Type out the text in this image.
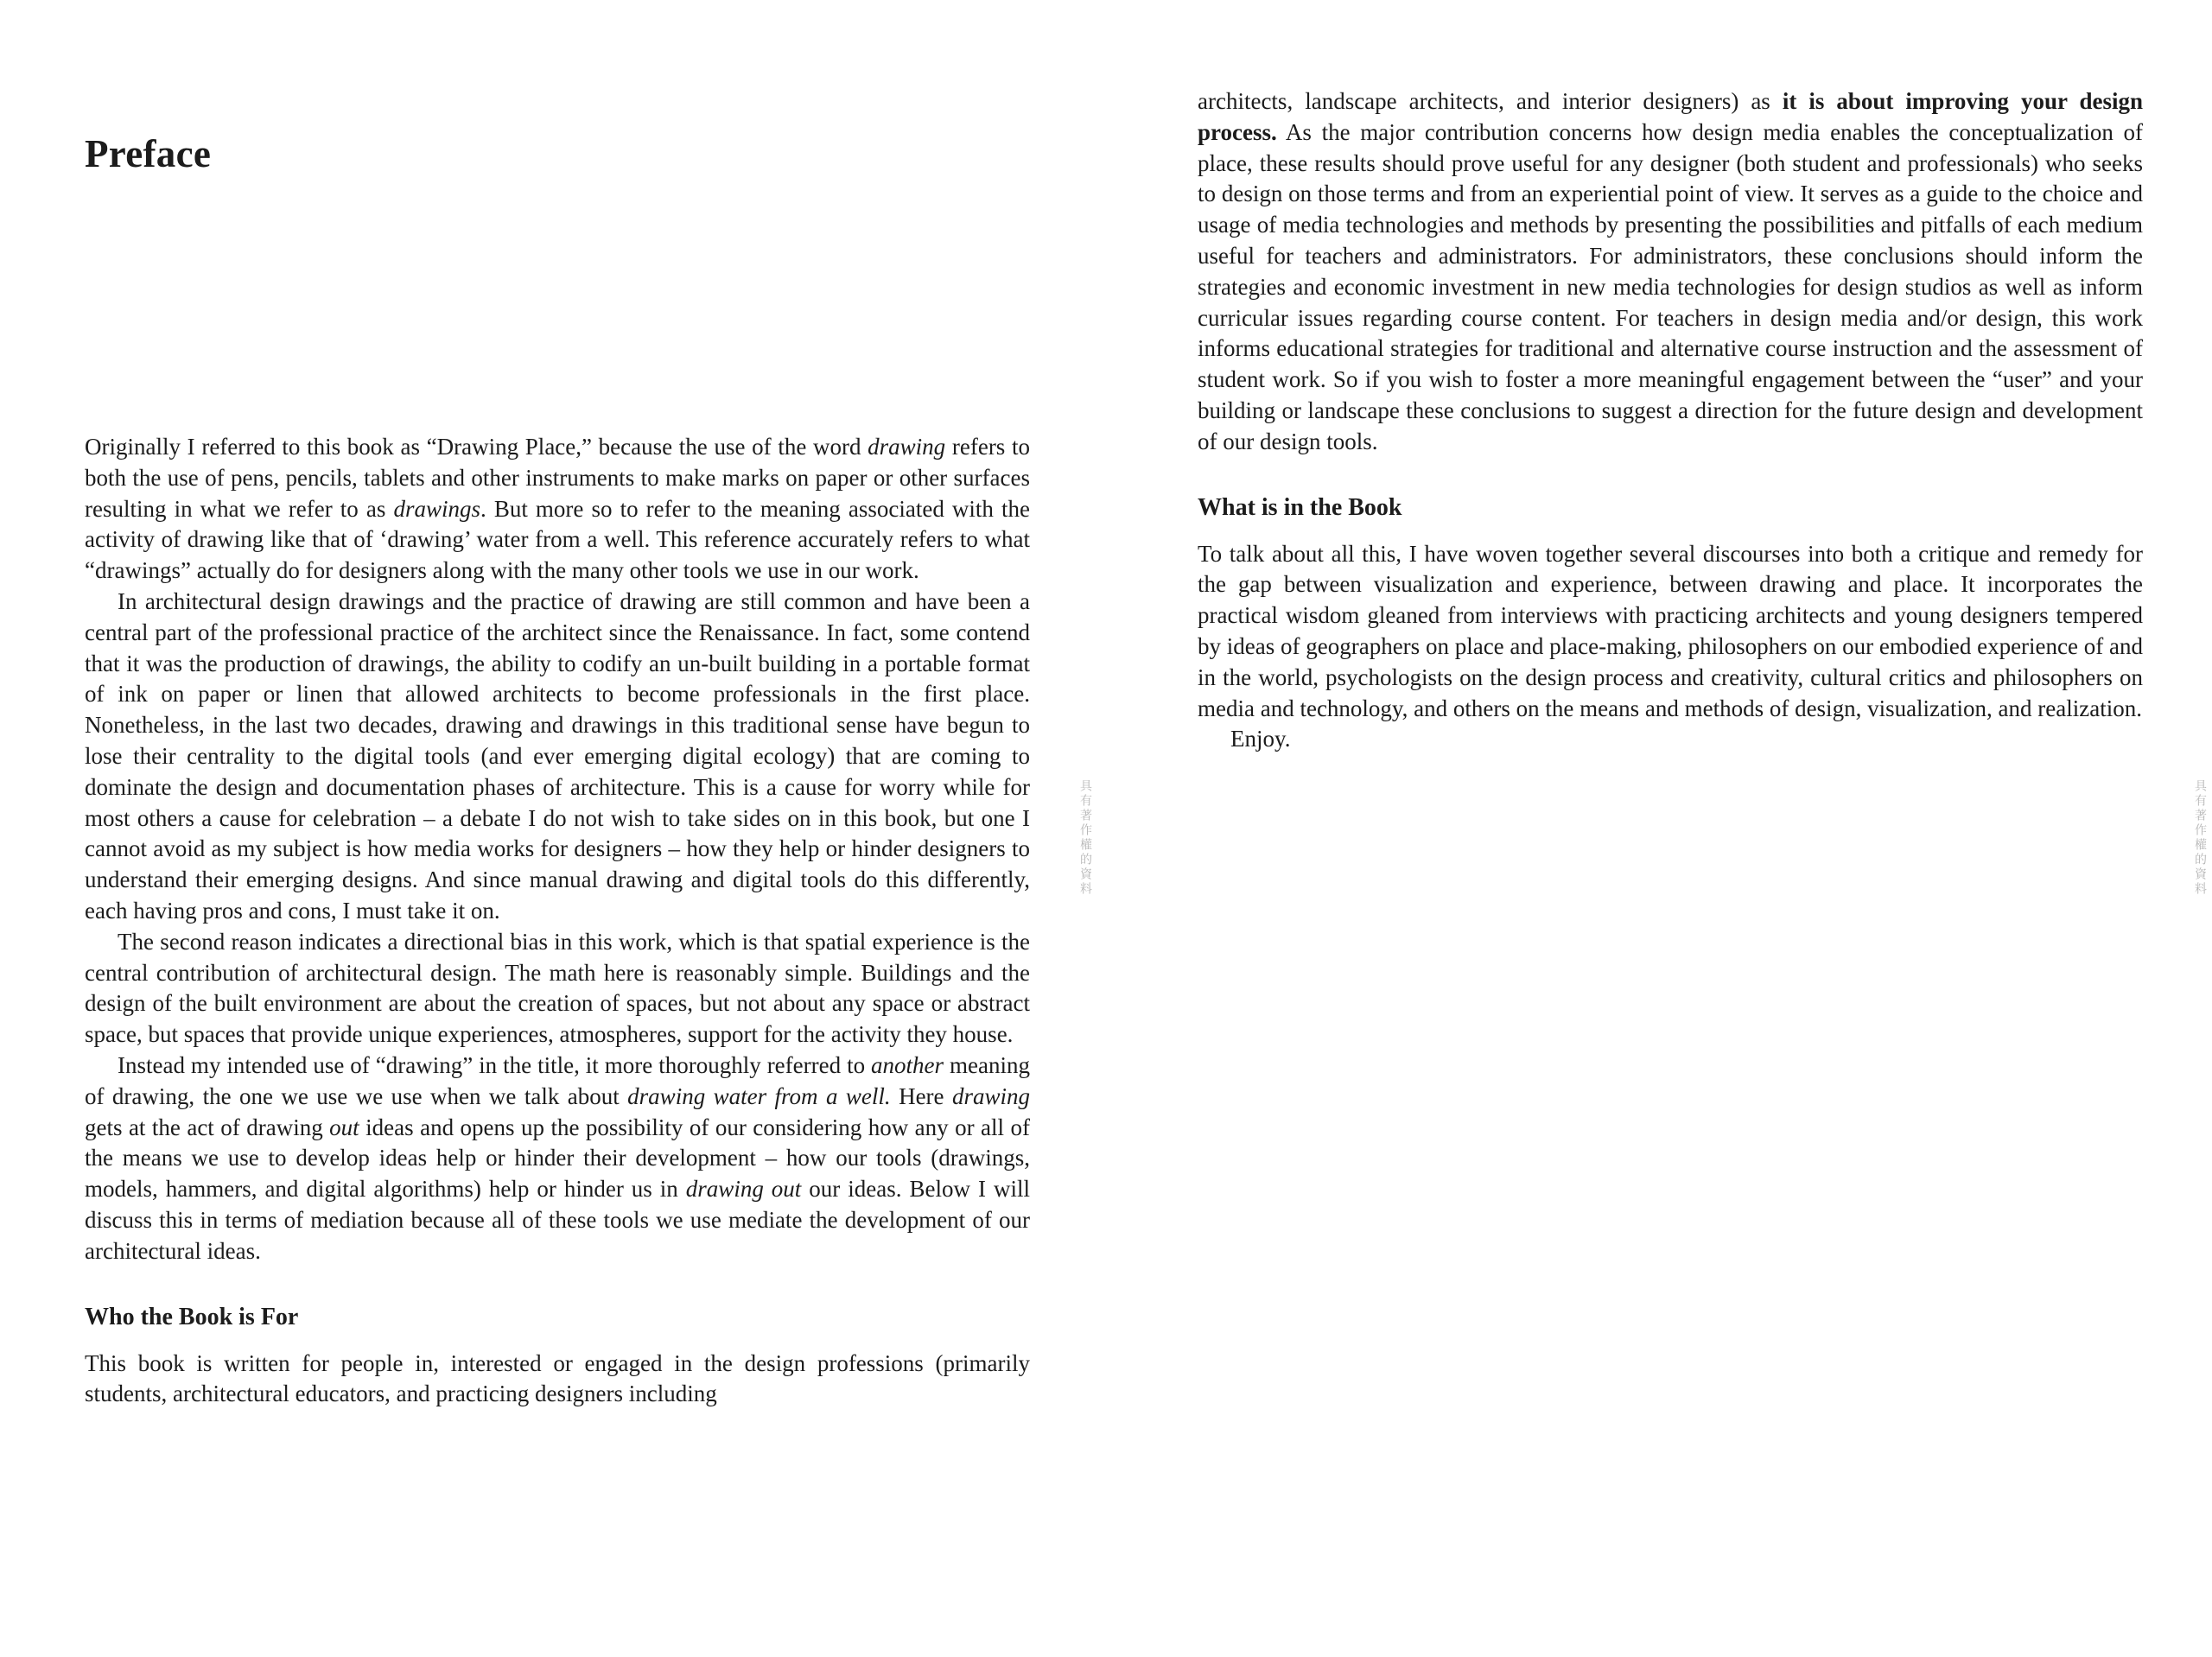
Preface

Originally I referred to this book as “Drawing Place,” because the use of the word drawing refers to both the use of pens, pencils, tablets and other instruments to make marks on paper or other surfaces resulting in what we refer to as drawings. But more so to refer to the meaning associated with the activity of drawing like that of ‘drawing’ water from a well. This reference accurately refers to what “drawings” actually do for designers along with the many other tools we use in our work.

In architectural design drawings and the practice of drawing are still common and have been a central part of the professional practice of the architect since the Renaissance. In fact, some contend that it was the production of drawings, the ability to codify an un-built building in a portable format of ink on paper or linen that allowed architects to become professionals in the first place. Nonetheless, in the last two decades, drawing and drawings in this traditional sense have begun to lose their centrality to the digital tools (and ever emerging digital ecology) that are coming to dominate the design and documentation phases of architecture. This is a cause for worry while for most others a cause for celebration – a debate I do not wish to take sides on in this book, but one I cannot avoid as my subject is how media works for designers – how they help or hinder designers to understand their emerging designs. And since manual drawing and digital tools do this differently, each having pros and cons, I must take it on.

The second reason indicates a directional bias in this work, which is that spatial experience is the central contribution of architectural design. The math here is reasonably simple. Buildings and the design of the built environment are about the creation of spaces, but not about any space or abstract space, but spaces that provide unique experiences, atmospheres, support for the activity they house.

Instead my intended use of “drawing” in the title, it more thoroughly referred to another meaning of drawing, the one we use we use when we talk about drawing water from a well. Here drawing gets at the act of drawing out ideas and opens up the possibility of our considering how any or all of the means we use to develop ideas help or hinder their development – how our tools (drawings, models, hammers, and digital algorithms) help or hinder us in drawing out our ideas. Below I will discuss this in terms of mediation because all of these tools we use mediate the development of our architectural ideas.

Who the Book is For

This book is written for people in, interested or engaged in the design professions (primarily students, architectural educators, and practicing designers including

architects, landscape architects, and interior designers) as it is about improving your design process. As the major contribution concerns how design media enables the conceptualization of place, these results should prove useful for any designer (both student and professionals) who seeks to design on those terms and from an experiential point of view. It serves as a guide to the choice and usage of media technologies and methods by presenting the possibilities and pitfalls of each medium useful for teachers and administrators. For administrators, these conclusions should inform the strategies and economic investment in new media technologies for design studios as well as inform curricular issues regarding course content. For teachers in design media and/or design, this work informs educational strategies for traditional and alternative course instruction and the assessment of student work. So if you wish to foster a more meaningful engagement between the “user” and your building or landscape these conclusions to suggest a direction for the future design and development of our design tools.

What is in the Book

To talk about all this, I have woven together several discourses into both a critique and remedy for the gap between visualization and experience, between drawing and place. It incorporates the practical wisdom gleaned from interviews with practicing architects and young designers tempered by ideas of geographers on place and place-making, philosophers on our embodied experience of and in the world, psychologists on the design process and creativity, cultural critics and philosophers on media and technology, and others on the means and methods of design, visualization, and realization.

Enjoy.

具有著作權的資料	具有著作權的資料
